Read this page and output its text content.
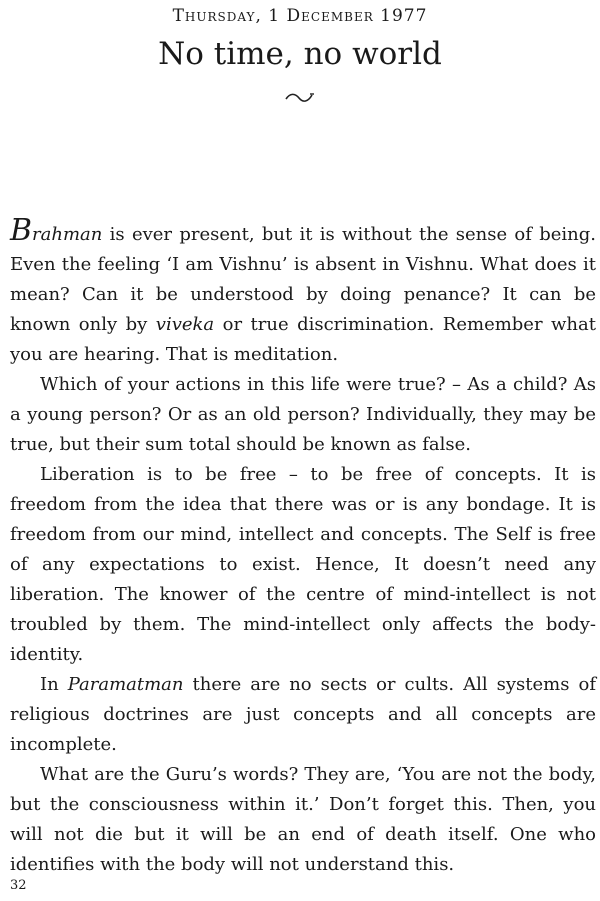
Thursday, 1 December 1977
No time, no world

Brahman is ever present, but it is without the sense of being. Even the feeling ‘I am Vishnu’ is absent in Vishnu. What does it mean? Can it be understood by doing penance? It can be known only by viveka or true discrimination. Remember what you are hearing. That is meditation.

Which of your actions in this life were true? – As a child? As a young person? Or as an old person? Individually, they may be true, but their sum total should be known as false.

Liberation is to be free – to be free of concepts. It is freedom from the idea that there was or is any bondage. It is freedom from our mind, intellect and concepts. The Self is free of any expectations to exist. Hence, It doesn’t need any liberation. The knower of the centre of mind-intellect is not troubled by them. The mind-intellect only affects the body-identity.

In Paramatman there are no sects or cults. All systems of religious doctrines are just concepts and all concepts are incomplete.

What are the Guru’s words? They are, ‘You are not the body, but the consciousness within it.’ Don’t forget this. Then, you will not die but it will be an end of death itself. One who identifies with the body will not understand this.

32
